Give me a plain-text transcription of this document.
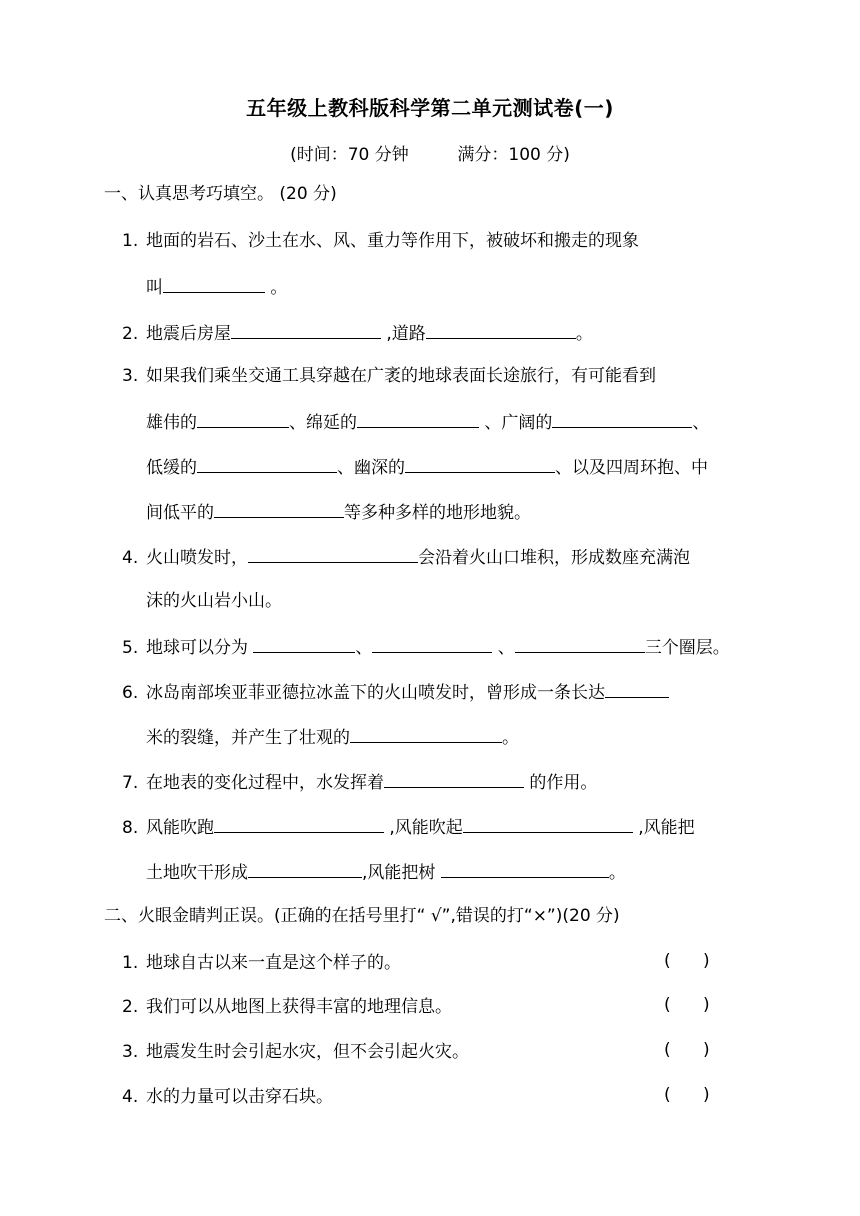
五年级上教科版科学第二单元测试卷(一)
(时间：70 分钟         满分：100 分)
一、认真思考巧填空。 (20 分)
1. 地面的岩石、沙土在水、风、重力等作用下，被破坏和搬走的现象
叫	。
2. 地震后房屋	,道路	。
3. 如果我们乘坐交通工具穿越在广袤的地球表面长途旅行，有可能看到
雄伟的	、绵延的	、广阔的	、
低缓的	、幽深的	、以及四周环抱、中
间低平的	等多种多样的地形地貌。
4. 火山喷发时，	会沿着火山口堆积，形成数座充满泡
沫的火山岩小山。
5. 地球可以分为	、	、	三个圈层。
6. 冰岛南部埃亚菲亚德拉冰盖下的火山喷发时，曾形成一条长达
米的裂缝，并产生了壮观的	。
7. 在地表的变化过程中，水发挥着	的作用。
8. 风能吹跑	,风能吹起	,风能把
土地吹干形成	,风能把树	。
二、火眼金睛判正误。(正确的在括号里打“ √”,错误的打“×”)(20 分)
1. 地球自古以来一直是这个样子的。	(      )
2. 我们可以从地图上获得丰富的地理信息。	(      )
3. 地震发生时会引起水灾，但不会引起火灾。	(      )
4. 水的力量可以击穿石块。	(      )
